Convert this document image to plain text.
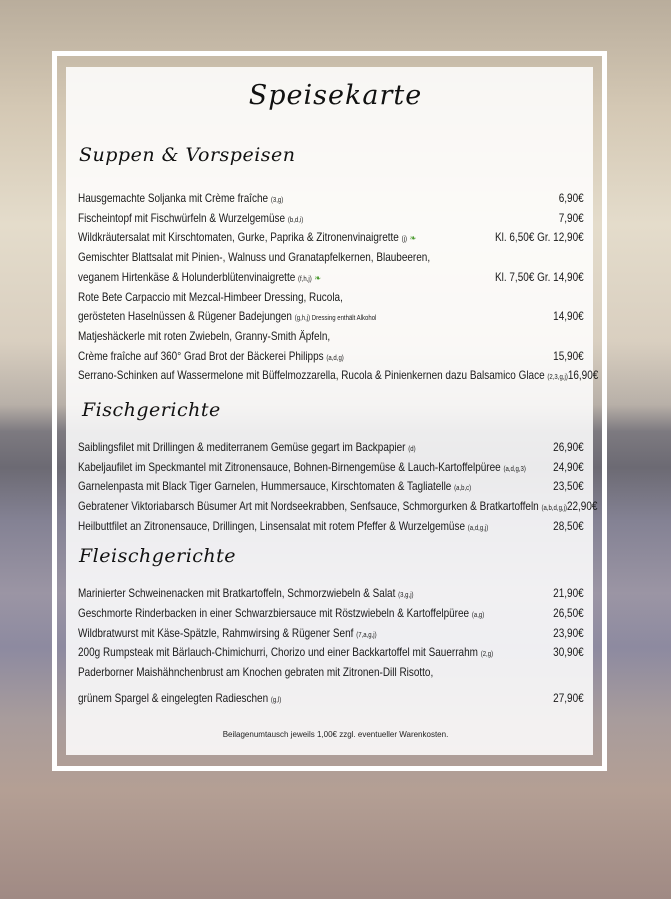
Speisekarte
Suppen & Vorspeisen
Fischgerichte
Fleischgerichte
Hausgemachte Soljanka mit Crème fraîche (3,g)	6,90€
Fischeintopf mit Fischwürfeln & Wurzelgemüse (b,d,i)	7,90€
Wildkräutersalat mit Kirschtomaten, Gurke, Paprika & Zitronenvinaigrette (j) ❧	Kl. 6,50€ Gr. 12,90€
Gemischter Blattsalat mit Pinien-, Walnuss und Granatapfelkernen, Blaubeeren,
veganem Hirtenkäse & Holunderblütenvinaigrette (f,h,j) ❧	Kl. 7,50€ Gr. 14,90€
Rote Bete Carpaccio mit Mezcal-Himbeer Dressing, Rucola,
gerösteten Haselnüssen & Rügener Badejungen (g,h,j) Dressing enthält Alkohol	14,90€
Matjeshäckerle mit roten Zwiebeln, Granny-Smith Äpfeln,
Crème fraîche auf 360° Grad Brot der Bäckerei Philipps (a,d,g)	15,90€
Serrano-Schinken auf Wassermelone mit Büffelmozzarella, Rucola & Pinienkernen dazu Balsamico Glace (2,3,g,j) 16,90€
Saiblingsfilet mit Drillingen & mediterranem Gemüse gegart im Backpapier (d)	26,90€
Kabeljaufilet im Speckmantel mit Zitronensauce, Bohnen-Birnengemüse & Lauch-Kartoffelpüree (a,d,g,3) 24,90€
Garnelenpasta mit Black Tiger Garnelen, Hummersauce, Kirschtomaten & Tagliatelle (a,b,c)	23,50€
Gebratener Viktoriabarsch Büsumer Art mit Nordseekrabben, Senfsauce, Schmorgurken & Bratkartoffeln (a,b,d,g,j) 22,90€
Heilbuttfilet an Zitronensauce, Drillingen, Linsensalat mit rotem Pfeffer & Wurzelgemüse (a,d,g,j)	28,50€
Marinierter Schweinenacken mit Bratkartoffeln, Schmorzwiebeln & Salat (3,g,j)	21,90€
Geschmorte Rinderbacken in einer Schwarzbiersauce mit Röstzwiebeln & Kartoffelpüree (a,g)	26,50€
Wildbratwurst mit Käse-Spätzle, Rahmwirsing & Rügener Senf (7,a,g,j)	23,90€
200g Rumpsteak mit Bärlauch-Chimichurri, Chorizo und einer Backkartoffel mit Sauerrahm (2,g)	30,90€
Paderborner Maishähnchenbrust am Knochen gebraten mit Zitronen-Dill Risotto,
grünem Spargel & eingelegten Radieschen (g,l)	27,90€
Beilagenumtausch jeweils 1,00€ zzgl. eventueller Warenkosten.
